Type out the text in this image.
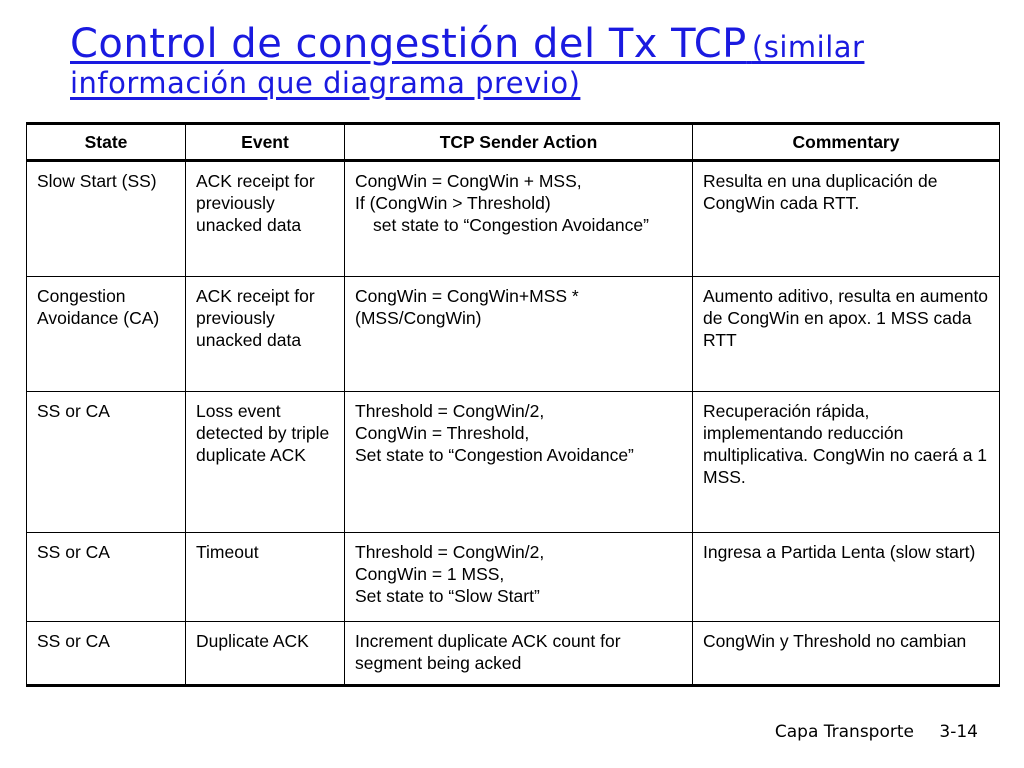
Control de congestión del Tx TCP (similar
información que diagrama previo)
State	Event	TCP Sender Action	Commentary
Slow Start (SS)	ACK receipt for previously unacked data	CongWin = CongWin + MSS,
If (CongWin > Threshold)

set state to “Congestion Avoidance”	Resulta en una duplicación de CongWin cada RTT.
Congestion Avoidance (CA)	ACK receipt for previously unacked data	CongWin = CongWin+MSS * (MSS/CongWin)	Aumento aditivo, resulta en aumento de CongWin en apox. 1 MSS cada RTT
SS or CA	Loss event detected by triple duplicate ACK	Threshold = CongWin/2,
CongWin = Threshold,
Set state to “Congestion Avoidance”	Recuperación rápida, implementando reducción multiplicativa. CongWin no caerá a 1 MSS.
SS or CA	Timeout	Threshold = CongWin/2,
CongWin = 1 MSS,
Set state to “Slow Start”	Ingresa a Partida Lenta (slow start)
SS or CA	Duplicate ACK	Increment duplicate ACK count for segment being acked	CongWin y Threshold no cambian
Capa Transporte 3-14
